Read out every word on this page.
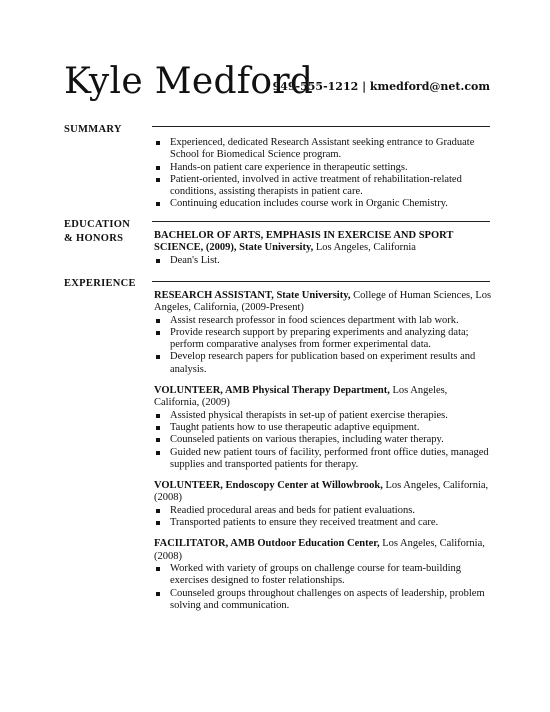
Kyle Medford
949-555-1212 | kmedford@net.com
SUMMARY
Experienced, dedicated Research Assistant seeking entrance to Graduate School for Biomedical Science program.
Hands-on patient care experience in therapeutic settings.
Patient-oriented, involved in active treatment of rehabilitation-related conditions, assisting therapists in patient care.
Continuing education includes course work in Organic Chemistry.
EDUCATION
& HONORS	BACHELOR OF ARTS, EMPHASIS IN EXERCISE AND SPORT SCIENCE, (2009), State University, Los Angeles, California
Dean's List.
EXPERIENCE
RESEARCH ASSISTANT, State University, College of Human Sciences, Los Angeles, California, (2009-Present)
Assist research professor in food sciences department with lab work.
Provide research support by preparing experiments and analyzing data; perform comparative analyses from former experimental data.
Develop research papers for publication based on experiment results and analysis.
VOLUNTEER, AMB Physical Therapy Department, Los Angeles, California, (2009)
Assisted physical therapists in set-up of patient exercise therapies.
Taught patients how to use therapeutic adaptive equipment.
Counseled patients on various therapies, including water therapy.
Guided new patient tours of facility, performed front office duties, managed supplies and transported patients for therapy.
VOLUNTEER, Endoscopy Center at Willowbrook, Los Angeles, California, (2008)
Readied procedural areas and beds for patient evaluations.
Transported patients to ensure they received treatment and care.
FACILITATOR, AMB Outdoor Education Center, Los Angeles, California, (2008)
Worked with variety of groups on challenge course for team-building exercises designed to foster relationships.
Counseled groups throughout challenges on aspects of leadership, problem solving and communication.
